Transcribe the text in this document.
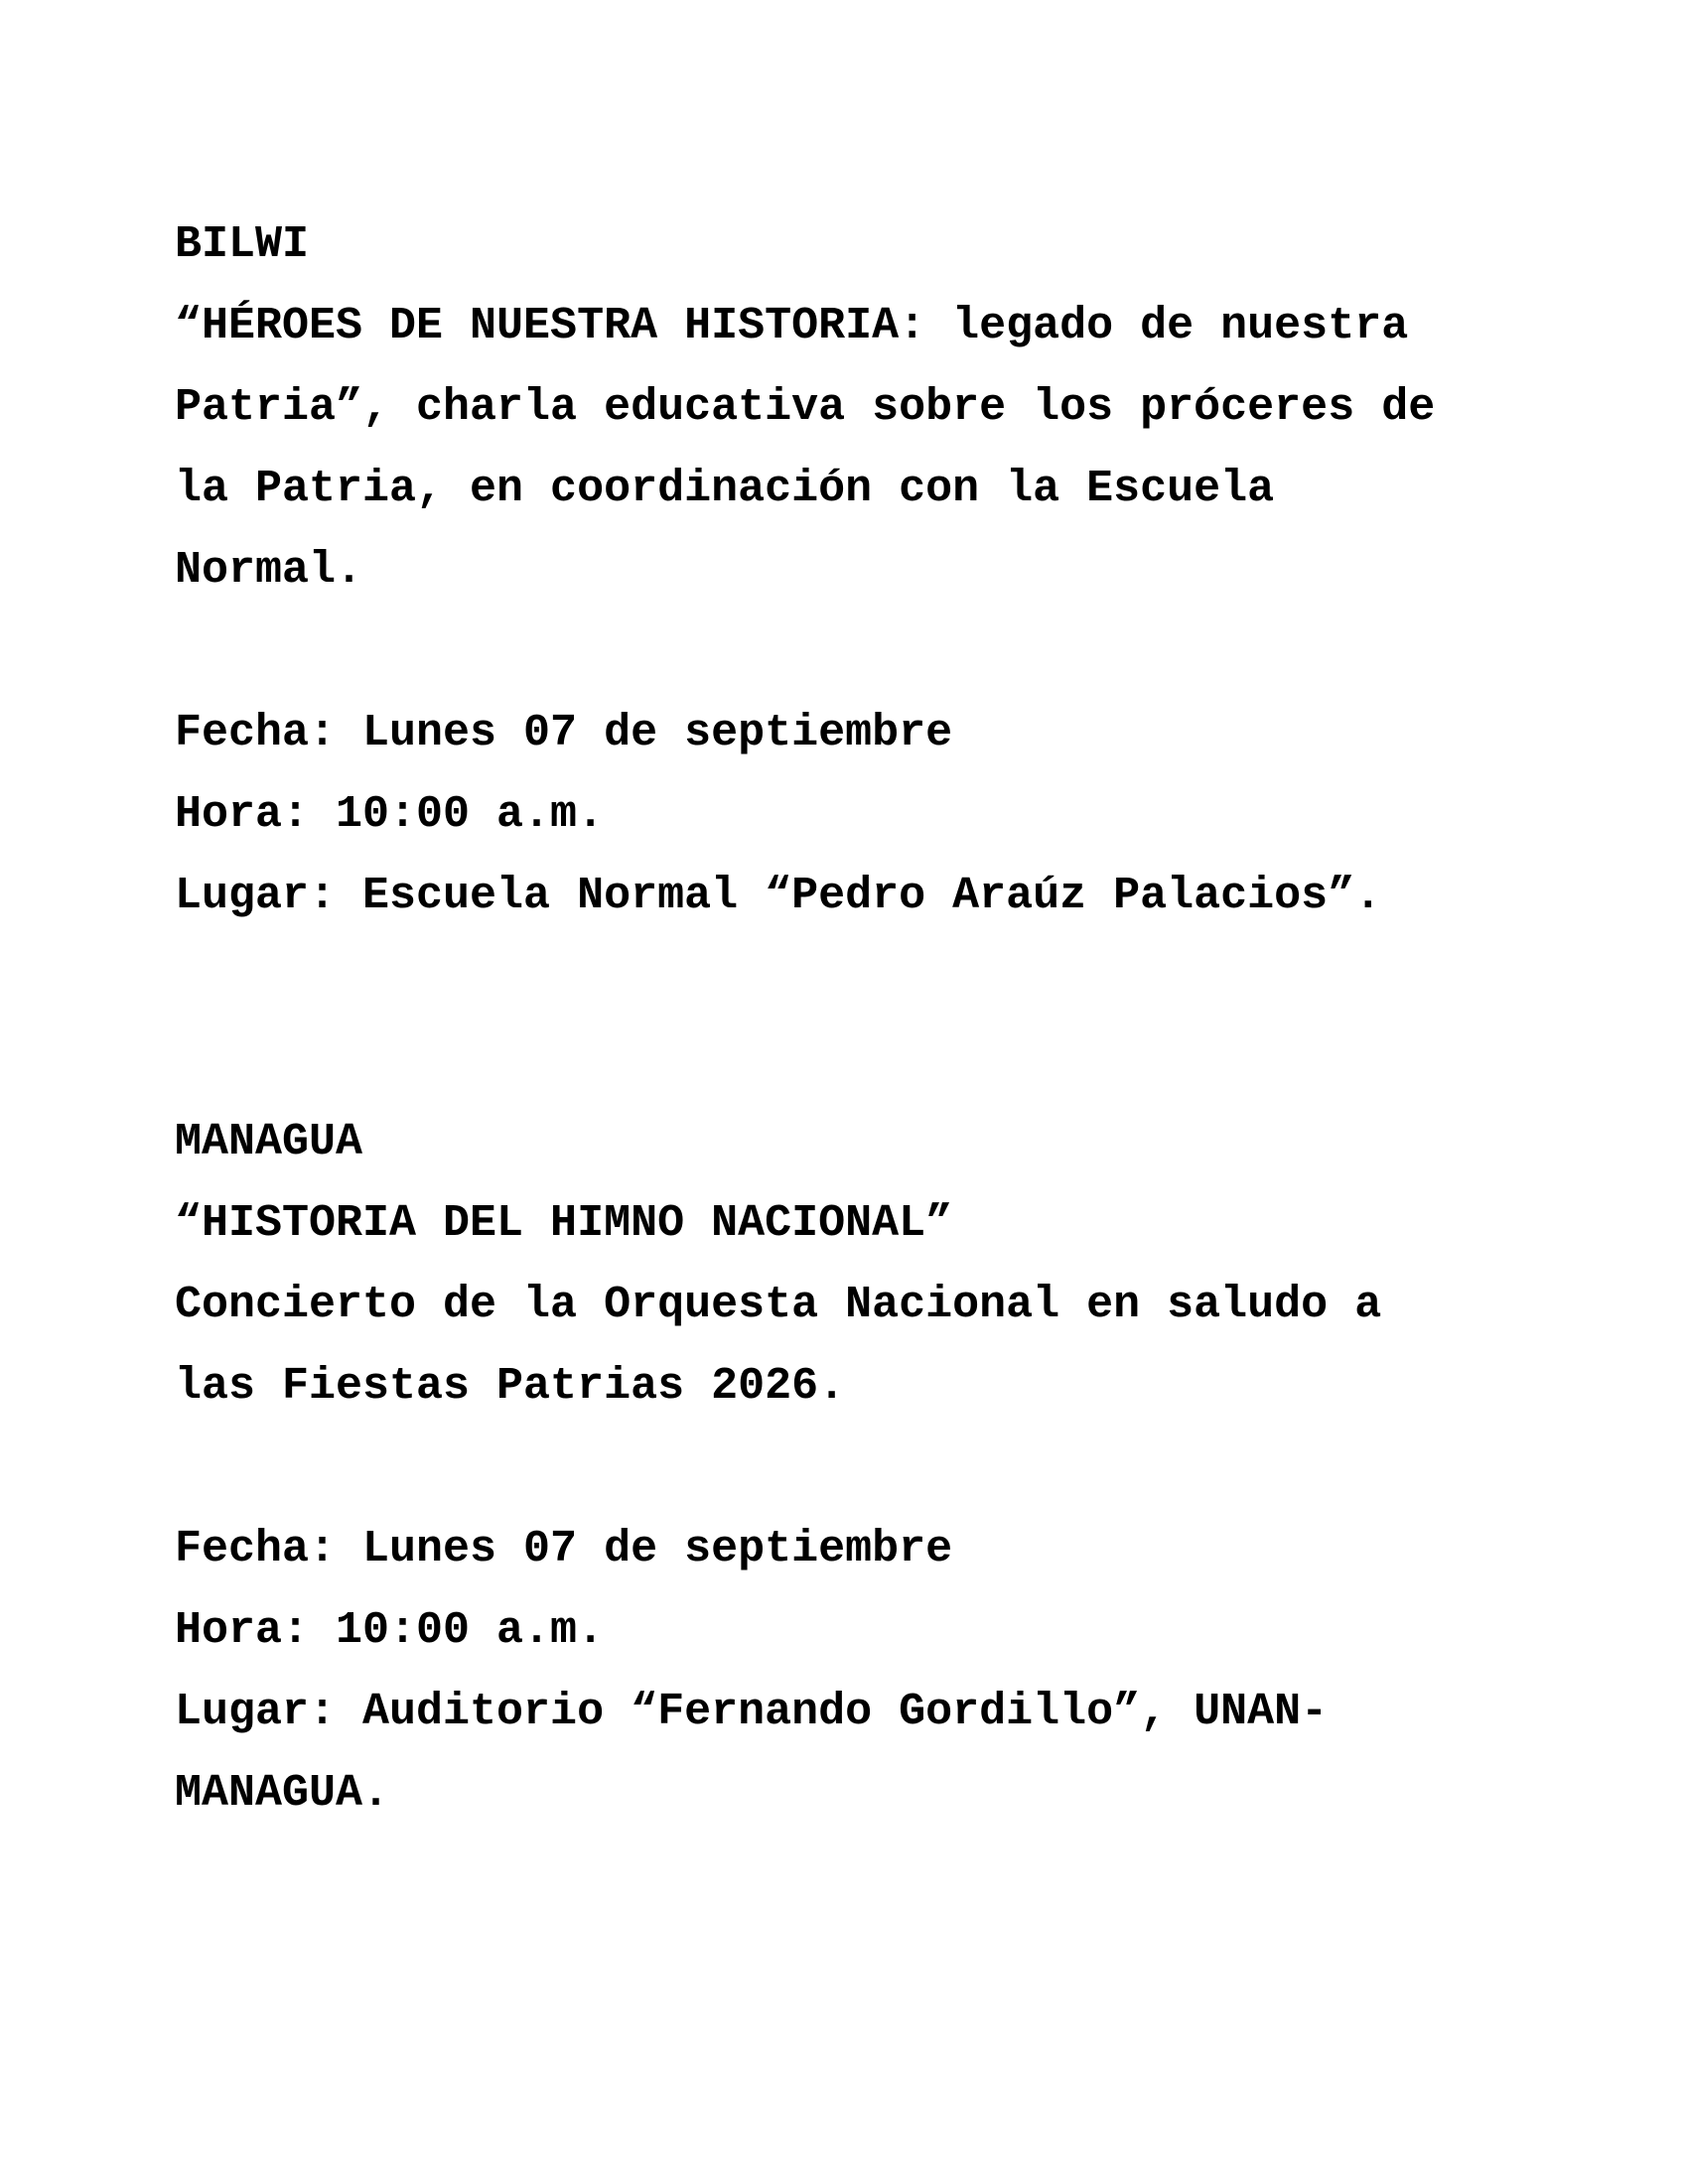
BILWI
“HÉROES DE NUESTRA HISTORIA: legado de nuestra
Patria”, charla educativa sobre los próceres de
la Patria, en coordinación con la Escuela
Normal.
Fecha: Lunes 07 de septiembre
Hora: 10:00 a.m.
Lugar: Escuela Normal “Pedro Araúz Palacios”.
MANAGUA
“HISTORIA DEL HIMNO NACIONAL”
Concierto de la Orquesta Nacional en saludo a
las Fiestas Patrias 2026.
Fecha: Lunes 07 de septiembre
Hora: 10:00 a.m.
Lugar: Auditorio “Fernando Gordillo”, UNAN-
MANAGUA.
